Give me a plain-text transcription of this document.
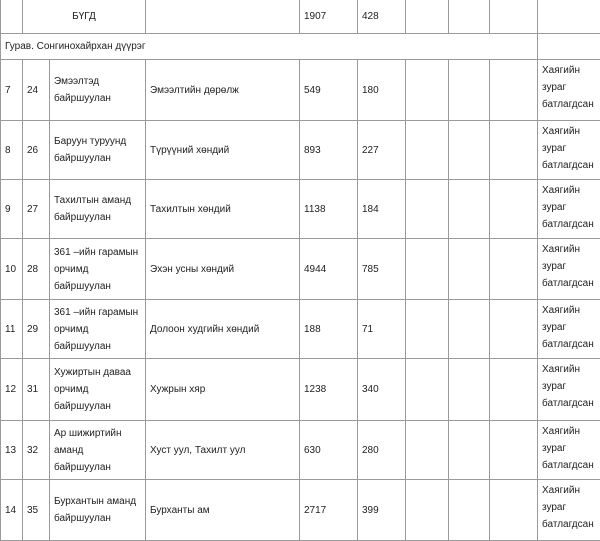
	БҮГД			1907	428				
Гурав. Сонгинохайрхан дүүрэг									
7	24	Эмээлтэд байршуулан	Эмээлтийн дөрөлж	549	180				Хаягийн зураг батлагдсан
8	26	Баруун туруунд байршуулан	Түрүүний хөндий	893	227				Хаягийн зураг батлагдсан
9	27	Тахилтын аманд байршуулан	Тахилтын хөндий	1138	184				Хаягийн зураг батлагдсан
10	28	361 –ийн гарамын орчимд байршуулан	Эхэн усны хөндий	4944	785				Хаягийн зураг батлагдсан
11	29	361 –ийн гарамын орчимд байршуулан	Долоон худгийн хөндий	188	71				Хаягийн зураг батлагдсан
12	31	Хужиртын даваа орчимд байршуулан	Хужрын хяр	1238	340				Хаягийн зураг батлагдсан
13	32	Ар шижиртийн аманд байршуулан	Хуст уул, Тахилт уул	630	280				Хаягийн зураг батлагдсан
14	35	Бурхантын аманд байршуулан	Бурханты ам	2717	399				Хаягийн зураг батлагдсан
